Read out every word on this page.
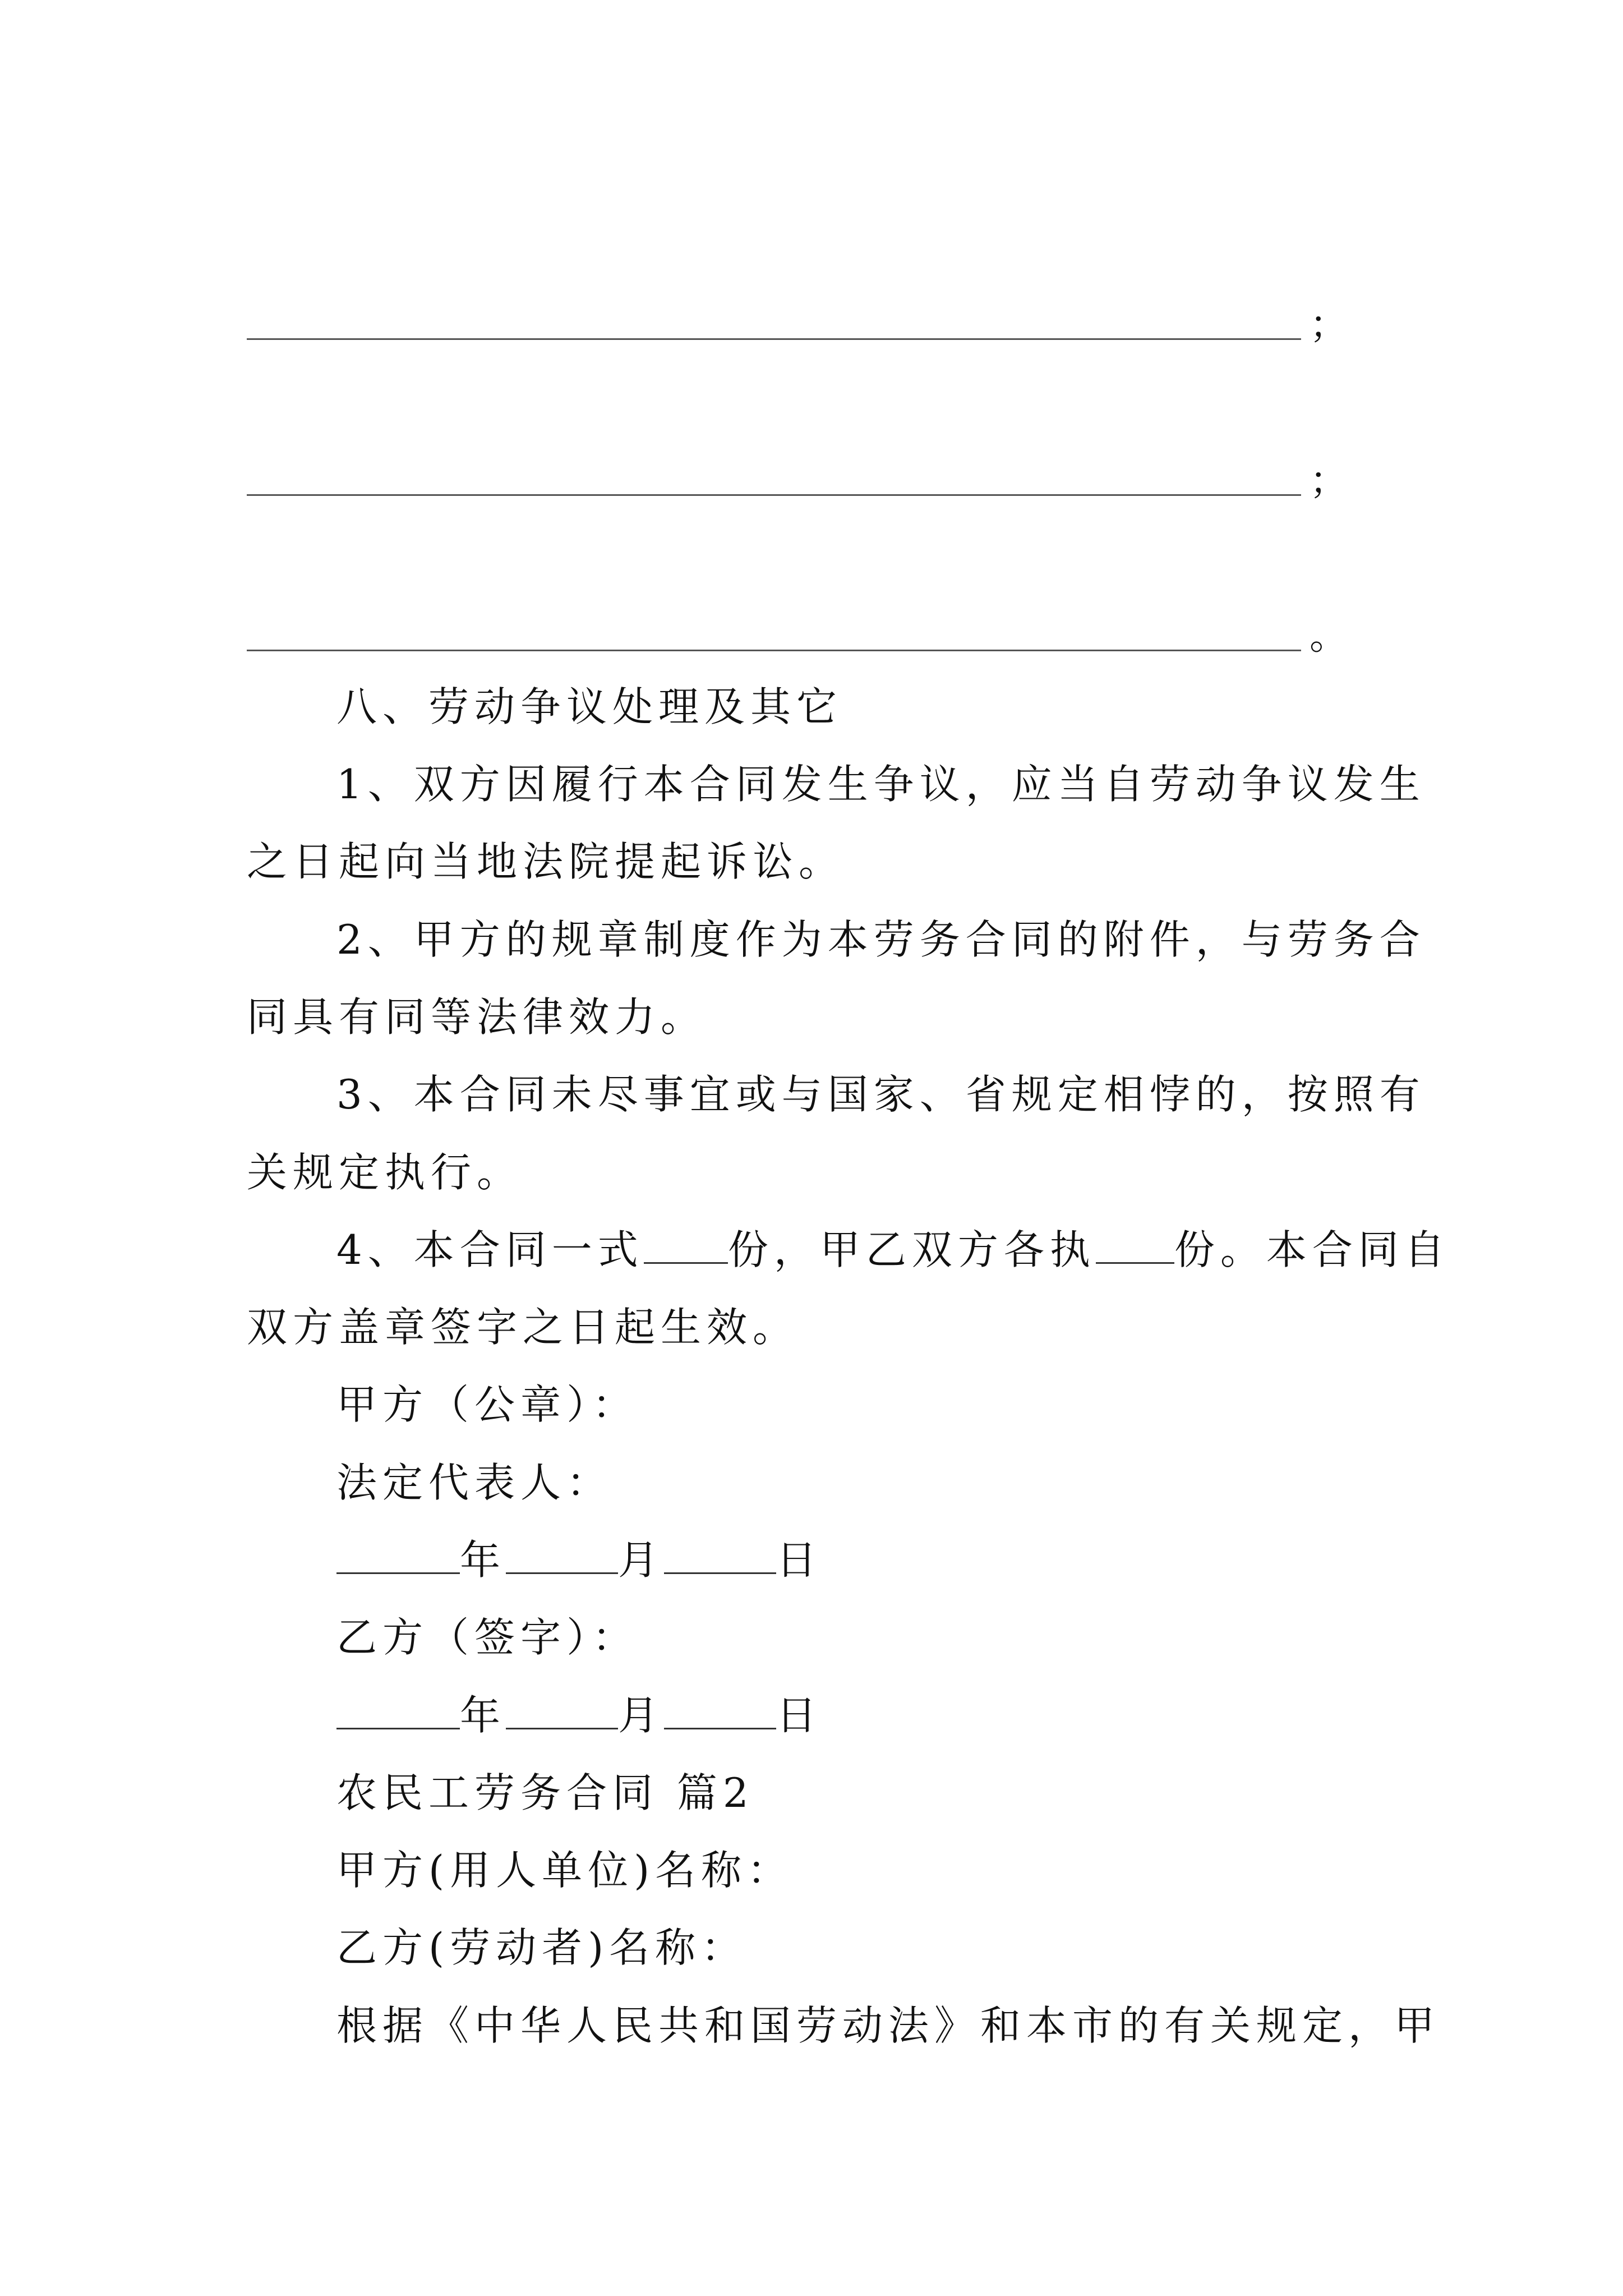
；
；
。
八、劳动争议处理及其它
1、双方因履行本合同发生争议，应当自劳动争议发生
之日起向当地法院提起诉讼。
2、甲方的规章制度作为本劳务合同的附件，与劳务合
同具有同等法律效力。
3、本合同未尽事宜或与国家、省规定相悖的，按照有
关规定执行。
4、本合同一式 份，甲乙双方各执 份。本合同自
双方盖章签字之日起生效。
甲方（公章）：
法定代表人：
年	月	日
乙方（签字）：
年	月	日
农民工劳务合同 篇2
甲方(用人单位)名称：
乙方(劳动者)名称：
根据《中华人民共和国劳动法》和本市的有关规定，甲
